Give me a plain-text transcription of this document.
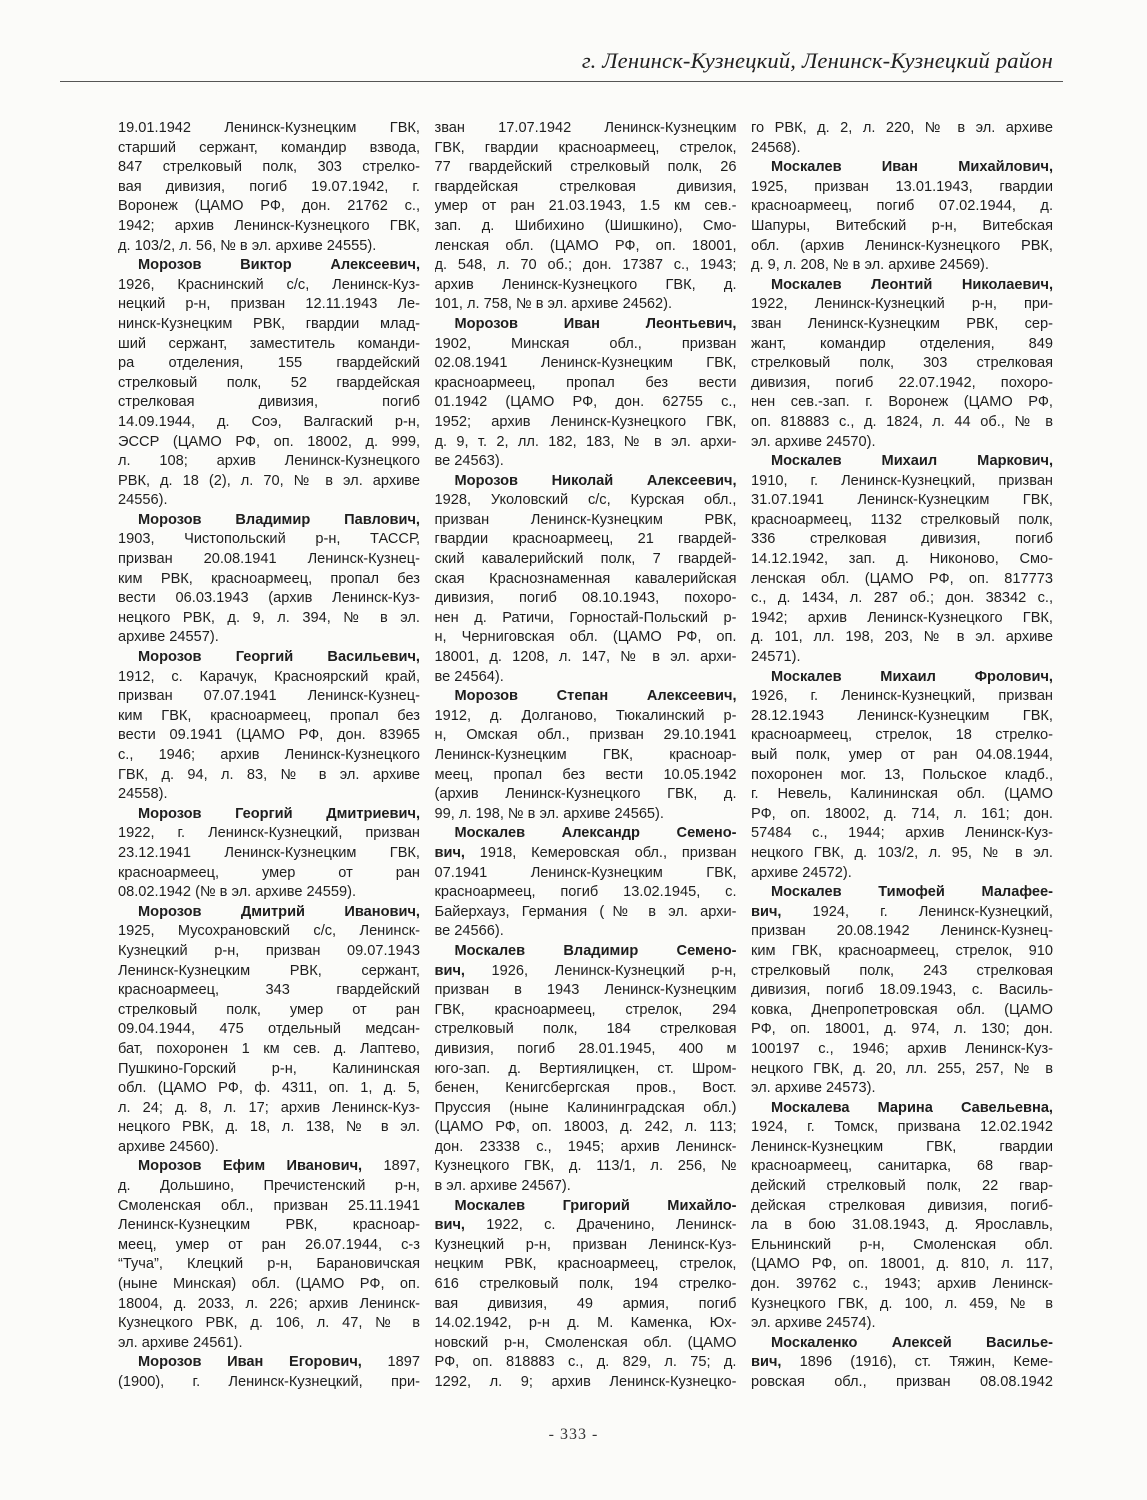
г. Ленинск-Кузнецкий, Ленинск-Кузнецкий район
19.01.1942 Ленинск-Кузнецким ГВК,
старший сержант, командир взвода,
847 стрелковый полк, 303 стрелко-
вая дивизия, погиб 19.07.1942, г.
Воронеж (ЦАМО РФ, дон. 21762 с.,
1942; архив Ленинск-Кузнецкого ГВК,
д. 103/2, л. 56, № в эл. архиве 24555).
Морозов Виктор Алексеевич,
1926, Краснинский с/с, Ленинск-Куз-
нецкий р-н, призван 12.11.1943 Ле-
нинск-Кузнецким РВК, гвардии млад-
ший сержант, заместитель команди-
ра отделения, 155 гвардейский
стрелковый полк, 52 гвардейская
стрелковая дивизия, погиб
14.09.1944, д. Соэ, Валгаский р-н,
ЭССР (ЦАМО РФ, оп. 18002, д. 999,
л. 108; архив Ленинск-Кузнецкого
РВК, д. 18 (2), л. 70, № в эл. архиве
24556).
Морозов Владимир Павлович,
1903, Чистопольский р-н, ТАССР,
призван 20.08.1941 Ленинск-Кузнец-
ким РВК, красноармеец, пропал без
вести 06.03.1943 (архив Ленинск-Куз-
нецкого РВК, д. 9, л. 394, № в эл.
архиве 24557).
Морозов Георгий Васильевич,
1912, с. Карачук, Красноярский край,
призван 07.07.1941 Ленинск-Кузнец-
ким ГВК, красноармеец, пропал без
вести 09.1941 (ЦАМО РФ, дон. 83965
с., 1946; архив Ленинск-Кузнецкого
ГВК, д. 94, л. 83, № в эл. архиве
24558).
Морозов Георгий Дмитриевич,
1922, г. Ленинск-Кузнецкий, призван
23.12.1941 Ленинск-Кузнецким ГВК,
красноармеец, умер от ран
08.02.1942 (№ в эл. архиве 24559).
Морозов Дмитрий Иванович,
1925, Мусохрановский с/с, Ленинск-
Кузнецкий р-н, призван 09.07.1943
Ленинск-Кузнецким РВК, сержант,
красноармеец, 343 гвардейский
стрелковый полк, умер от ран
09.04.1944, 475 отдельный медсан-
бат, похоронен 1 км сев. д. Лаптево,
Пушкино-Горский р-н, Калининская
обл. (ЦАМО РФ, ф. 4311, оп. 1, д. 5,
л. 24; д. 8, л. 17; архив Ленинск-Куз-
нецкого РВК, д. 18, л. 138, № в эл.
архиве 24560).
Морозов Ефим Иванович, 1897,
д. Дольшино, Пречистенский р-н,
Смоленская обл., призван 25.11.1941
Ленинск-Кузнецким РВК, красноар-
меец, умер от ран 26.07.1944, с-з
“Туча”, Клецкий р-н, Барановичская
(ныне Минская) обл. (ЦАМО РФ, оп.
18004, д. 2033, л. 226; архив Ленинск-
Кузнецкого РВК, д. 106, л. 47, № в
эл. архиве 24561).
Морозов Иван Егорович, 1897
(1900), г. Ленинск-Кузнецкий, при-
зван 17.07.1942 Ленинск-Кузнецким
ГВК, гвардии красноармеец, стрелок,
77 гвардейский стрелковый полк, 26
гвардейская стрелковая дивизия,
умер от ран 21.03.1943, 1.5 км сев.-
зап. д. Шибихино (Шишкино), Смо-
ленская обл. (ЦАМО РФ, оп. 18001,
д. 548, л. 70 об.; дон. 17387 с., 1943;
архив Ленинск-Кузнецкого ГВК, д.
101, л. 758, № в эл. архиве 24562).
Морозов Иван Леонтьевич,
1902, Минская обл., призван
02.08.1941 Ленинск-Кузнецким ГВК,
красноармеец, пропал без вести
01.1942 (ЦАМО РФ, дон. 62755 с.,
1952; архив Ленинск-Кузнецкого ГВК,
д. 9, т. 2, лл. 182, 183, № в эл. архи-
ве 24563).
Морозов Николай Алексеевич,
1928, Уколовский с/с, Курская обл.,
призван Ленинск-Кузнецким РВК,
гвардии красноармеец, 21 гвардей-
ский кавалерийский полк, 7 гвардей-
ская Краснознаменная кавалерийская
дивизия, погиб 08.10.1943, похоро-
нен д. Ратичи, Горностай-Польский р-
н, Черниговская обл. (ЦАМО РФ, оп.
18001, д. 1208, л. 147, № в эл. архи-
ве 24564).
Морозов Степан Алексеевич,
1912, д. Долганово, Тюкалинский р-
н, Омская обл., призван 29.10.1941
Ленинск-Кузнецким ГВК, красноар-
меец, пропал без вести 10.05.1942
(архив Ленинск-Кузнецкого ГВК, д.
99, л. 198, № в эл. архиве 24565).
Москалев Александр Семено-
вич, 1918, Кемеровская обл., призван
07.1941 Ленинск-Кузнецким ГВК,
красноармеец, погиб 13.02.1945, с.
Байерхауз, Германия (№ в эл. архи-
ве 24566).
Москалев Владимир Семено-
вич, 1926, Ленинск-Кузнецкий р-н,
призван в 1943 Ленинск-Кузнецким
ГВК, красноармеец, стрелок, 294
стрелковый полк, 184 стрелковая
дивизия, погиб 28.01.1945, 400 м
юго-зап. д. Вертиялицкен, ст. Шром-
бенен, Кенигсбергская пров., Вост.
Пруссия (ныне Калининградская обл.)
(ЦАМО РФ, оп. 18003, д. 242, л. 113;
дон. 23338 с., 1945; архив Ленинск-
Кузнецкого ГВК, д. 113/1, л. 256, №
в эл. архиве 24567).
Москалев Григорий Михайло-
вич, 1922, с. Драченино, Ленинск-
Кузнецкий р-н, призван Ленинск-Куз-
нецким РВК, красноармеец, стрелок,
616 стрелковый полк, 194 стрелко-
вая дивизия, 49 армия, погиб
14.02.1942, р-н д. М. Каменка, Юх-
новский р-н, Смоленская обл. (ЦАМО
РФ, оп. 818883 с., д. 829, л. 75; д.
1292, л. 9; архив Ленинск-Кузнецко-
го РВК, д. 2, л. 220, № в эл. архиве
24568).
Москалев Иван Михайлович,
1925, призван 13.01.1943, гвардии
красноармеец, погиб 07.02.1944, д.
Шапуры, Витебский р-н, Витебская
обл. (архив Ленинск-Кузнецкого РВК,
д. 9, л. 208, № в эл. архиве 24569).
Москалев Леонтий Николаевич,
1922, Ленинск-Кузнецкий р-н, при-
зван Ленинск-Кузнецким РВК, сер-
жант, командир отделения, 849
стрелковый полк, 303 стрелковая
дивизия, погиб 22.07.1942, похоро-
нен сев.-зап. г. Воронеж (ЦАМО РФ,
оп. 818883 с., д. 1824, л. 44 об., № в
эл. архиве 24570).
Москалев Михаил Маркович,
1910, г. Ленинск-Кузнецкий, призван
31.07.1941 Ленинск-Кузнецким ГВК,
красноармеец, 1132 стрелковый полк,
336 стрелковая дивизия, погиб
14.12.1942, зап. д. Никоново, Смо-
ленская обл. (ЦАМО РФ, оп. 817773
с., д. 1434, л. 287 об.; дон. 38342 с.,
1942; архив Ленинск-Кузнецкого ГВК,
д. 101, лл. 198, 203, № в эл. архиве
24571).
Москалев Михаил Фролович,
1926, г. Ленинск-Кузнецкий, призван
28.12.1943 Ленинск-Кузнецким ГВК,
красноармеец, стрелок, 18 стрелко-
вый полк, умер от ран 04.08.1944,
похоронен мог. 13, Польское кладб.,
г. Невель, Калининская обл. (ЦАМО
РФ, оп. 18002, д. 714, л. 161; дон.
57484 с., 1944; архив Ленинск-Куз-
нецкого ГВК, д. 103/2, л. 95, № в эл.
архиве 24572).
Москалев Тимофей Малафее-
вич, 1924, г. Ленинск-Кузнецкий,
призван 20.08.1942 Ленинск-Кузнец-
ким ГВК, красноармеец, стрелок, 910
стрелковый полк, 243 стрелковая
дивизия, погиб 18.09.1943, с. Василь-
ковка, Днепропетровская обл. (ЦАМО
РФ, оп. 18001, д. 974, л. 130; дон.
100197 с., 1946; архив Ленинск-Куз-
нецкого ГВК, д. 20, лл. 255, 257, № в
эл. архиве 24573).
Москалева Марина Савельевна,
1924, г. Томск, призвана 12.02.1942
Ленинск-Кузнецким ГВК, гвардии
красноармеец, санитарка, 68 гвар-
дейский стрелковый полк, 22 гвар-
дейская стрелковая дивизия, погиб-
ла в бою 31.08.1943, д. Ярославль,
Ельнинский р-н, Смоленская обл.
(ЦАМО РФ, оп. 18001, д. 810, л. 117,
дон. 39762 с., 1943; архив Ленинск-
Кузнецкого ГВК, д. 100, л. 459, № в
эл. архиве 24574).
Москаленко Алексей Василье-
вич, 1896 (1916), ст. Тяжин, Кеме-
ровская обл., призван 08.08.1942
- 333 -
